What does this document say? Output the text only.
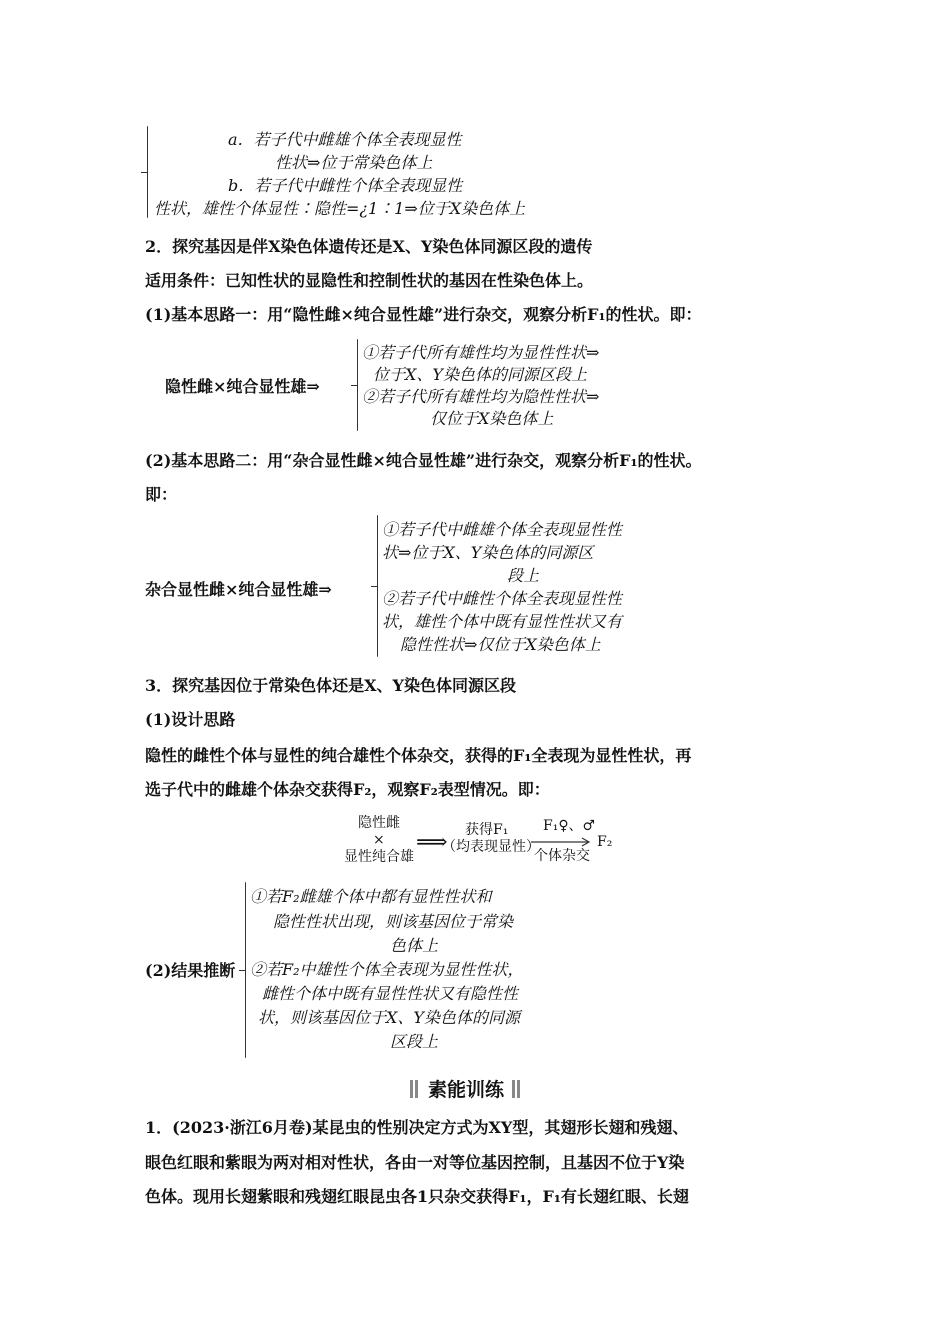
a．若子代中雌雄个体全表现显性
性状⇒位于常染色体上
b．若子代中雌性个体全表现显性
性状，雄性个体显性∶隐性=¿1∶1⇒位于X染色体上
2．探究基因是伴X染色体遗传还是X、Y染色体同源区段的遗传
适用条件：已知性状的显隐性和控制性状的基因在性染色体上。
(1)基本思路一：用“隐性雌×纯合显性雄”进行杂交，观察分析F₁的性状。即：
隐性雌×纯合显性雄⇒
①若子代所有雄性均为显性性状⇒
位于X、Y染色体的同源区段上
②若子代所有雄性均为隐性性状⇒
仅位于X染色体上
(2)基本思路二：用“杂合显性雌×纯合显性雄”进行杂交，观察分析F₁的性状。
即：
杂合显性雌×纯合显性雄⇒
①若子代中雌雄个体全表现显性性
状⇒位于X、Y染色体的同源区
段上
②若子代中雌性个体全表现显性性
状，雄性个体中既有显性性状又有
隐性性状⇒仅位于X染色体上
3．探究基因位于常染色体还是X、Y染色体同源区段
(1)设计思路
隐性的雌性个体与显性的纯合雄性个体杂交，获得的F₁全表现为显性性状，再
选子代中的雌雄个体杂交获得F₂，观察F₂表型情况。即：
隐性雌
×
显性纯合雄
⟹ 获得F₁
（均表现显性）
F₁♀、♂
个体杂交
F₂
(2)结果推断
①若F₂雌雄个体中都有显性性状和
隐性性状出现，则该基因位于常染
色体上
②若F₂中雄性个体全表现为显性性状，
雌性个体中既有显性性状又有隐性性
状，则该基因位于X、Y染色体的同源
区段上
素能训练
1．(2023·浙江6月卷)某昆虫的性别决定方式为XY型，其翅形长翅和残翅、
眼色红眼和紫眼为两对相对性状，各由一对等位基因控制，且基因不位于Y染
色体。现用长翅紫眼和残翅红眼昆虫各1只杂交获得F₁，F₁有长翅红眼、长翅
